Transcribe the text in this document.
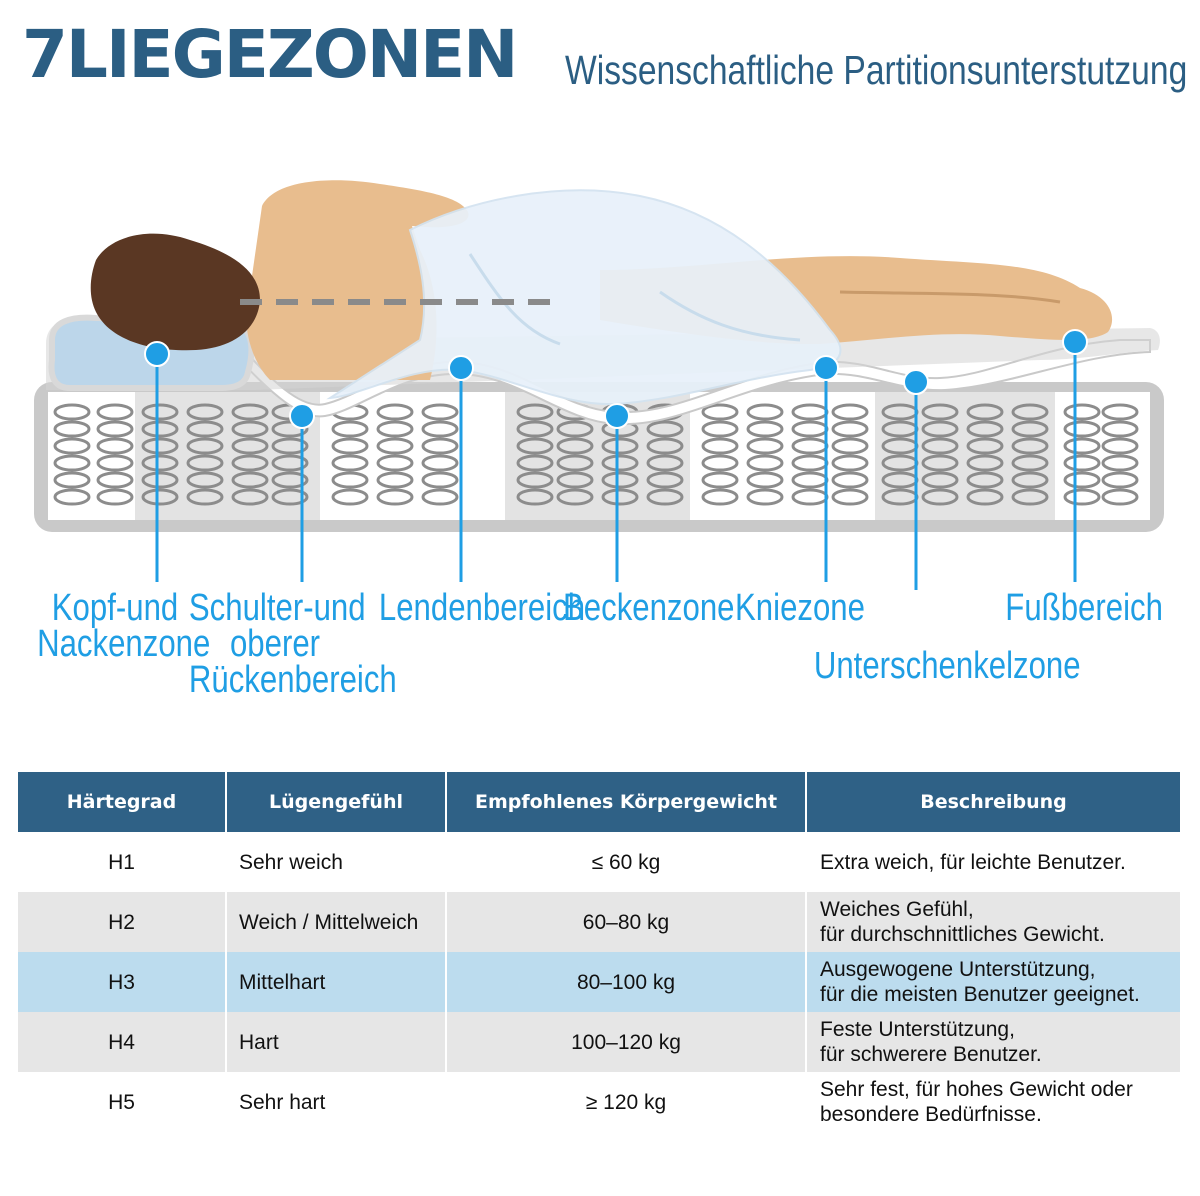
7LIEGEZONEN Wissenschaftliche Partitionsunterstutzung
Kopf-und
Nackenzone
Schulter-und
oberer
Rückenbereich
Lendenbereich
Beckenzone Kniezone
Unterschenkelzone
Fußbereich
Härtegrad	Lügengefühl	Empfohlenes Körpergewicht	Beschreibung
H1	Sehr weich	≤ 60 kg	Extra weich, für leichte Benutzer.
H2	Weich / Mittelweich	60–80 kg	Weiches Gefühl,
für durchschnittliches Gewicht.
H3	Mittelhart	80–100 kg	Ausgewogene Unterstützung,
für die meisten Benutzer geeignet.
H4	Hart	100–120 kg	Feste Unterstützung,
für schwerere Benutzer.
H5	Sehr hart	≥ 120 kg	Sehr fest, für hohes Gewicht oder
besondere Bedürfnisse.
